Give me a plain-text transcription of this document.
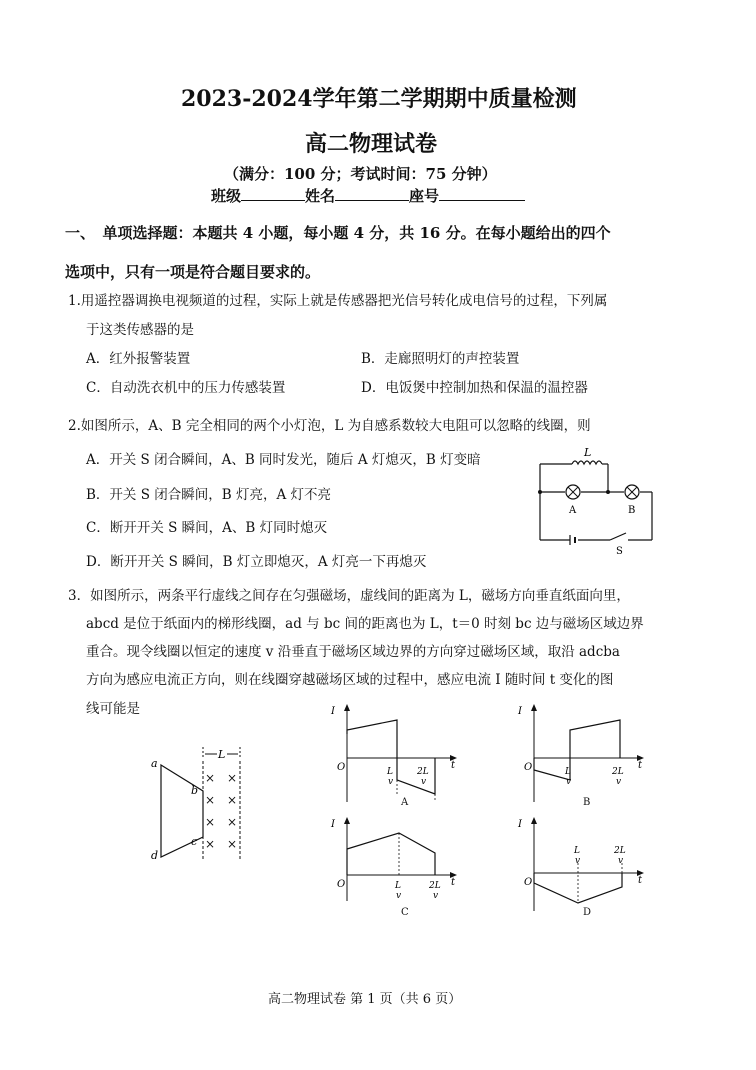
2023-2024学年第二学期期中质量检测
高二物理试卷
（满分：100 分；考试时间：75 分钟）
班级	姓名	座号
一、　单项选择题：本题共 4 小题，每小题 4 分，共 16 分。在每小题给出的四个
选项中，只有一项是符合题目要求的。
1.用遥控器调换电视频道的过程，实际上就是传感器把光信号转化成电信号的过程，下列属
于这类传感器的是
A．红外报警装置	B．走廊照明灯的声控装置
C．自动洗衣机中的压力传感装置	D．电饭煲中控制加热和保温的温控器
2.如图所示，A、B 完全相同的两个小灯泡，L 为自感系数较大电阻可以忽略的线圈，则
A．开关 S 闭合瞬间，A、B 同时发光，随后 A 灯熄灭，B 灯变暗
B．开关 S 闭合瞬间，B 灯亮，A 灯不亮
C．断开开关 S 瞬间，A、B 灯同时熄灭
D．断开开关 S 瞬间，B 灯立即熄灭，A 灯亮一下再熄灭
L
A	B
S
3．如图所示，两条平行虚线之间存在匀强磁场，虚线间的距离为 L，磁场方向垂直纸面向里，
abcd 是位于纸面内的梯形线圈，ad 与 bc 间的距离也为 L，t＝0 时刻 bc 边与磁场区域边界
重合。现令线圈以恒定的速度 v 沿垂直于磁场区域边界的方向穿过磁场区域，取沿 adcba
方向为感应电流正方向，则在线圈穿越磁场区域的过程中，感应电流 I 随时间 t 变化的图
线可能是
L
× ×
× ×
× ×
× ×
a
b
c
d
I
t
O	L
v
2L
v
A
I
t
O	L
v
2L
v
B
I
t
O	L
v
2L
v
C
I
t
O
L
v
2L
v
D
高二物理试卷 第 1 页（共 6 页）
